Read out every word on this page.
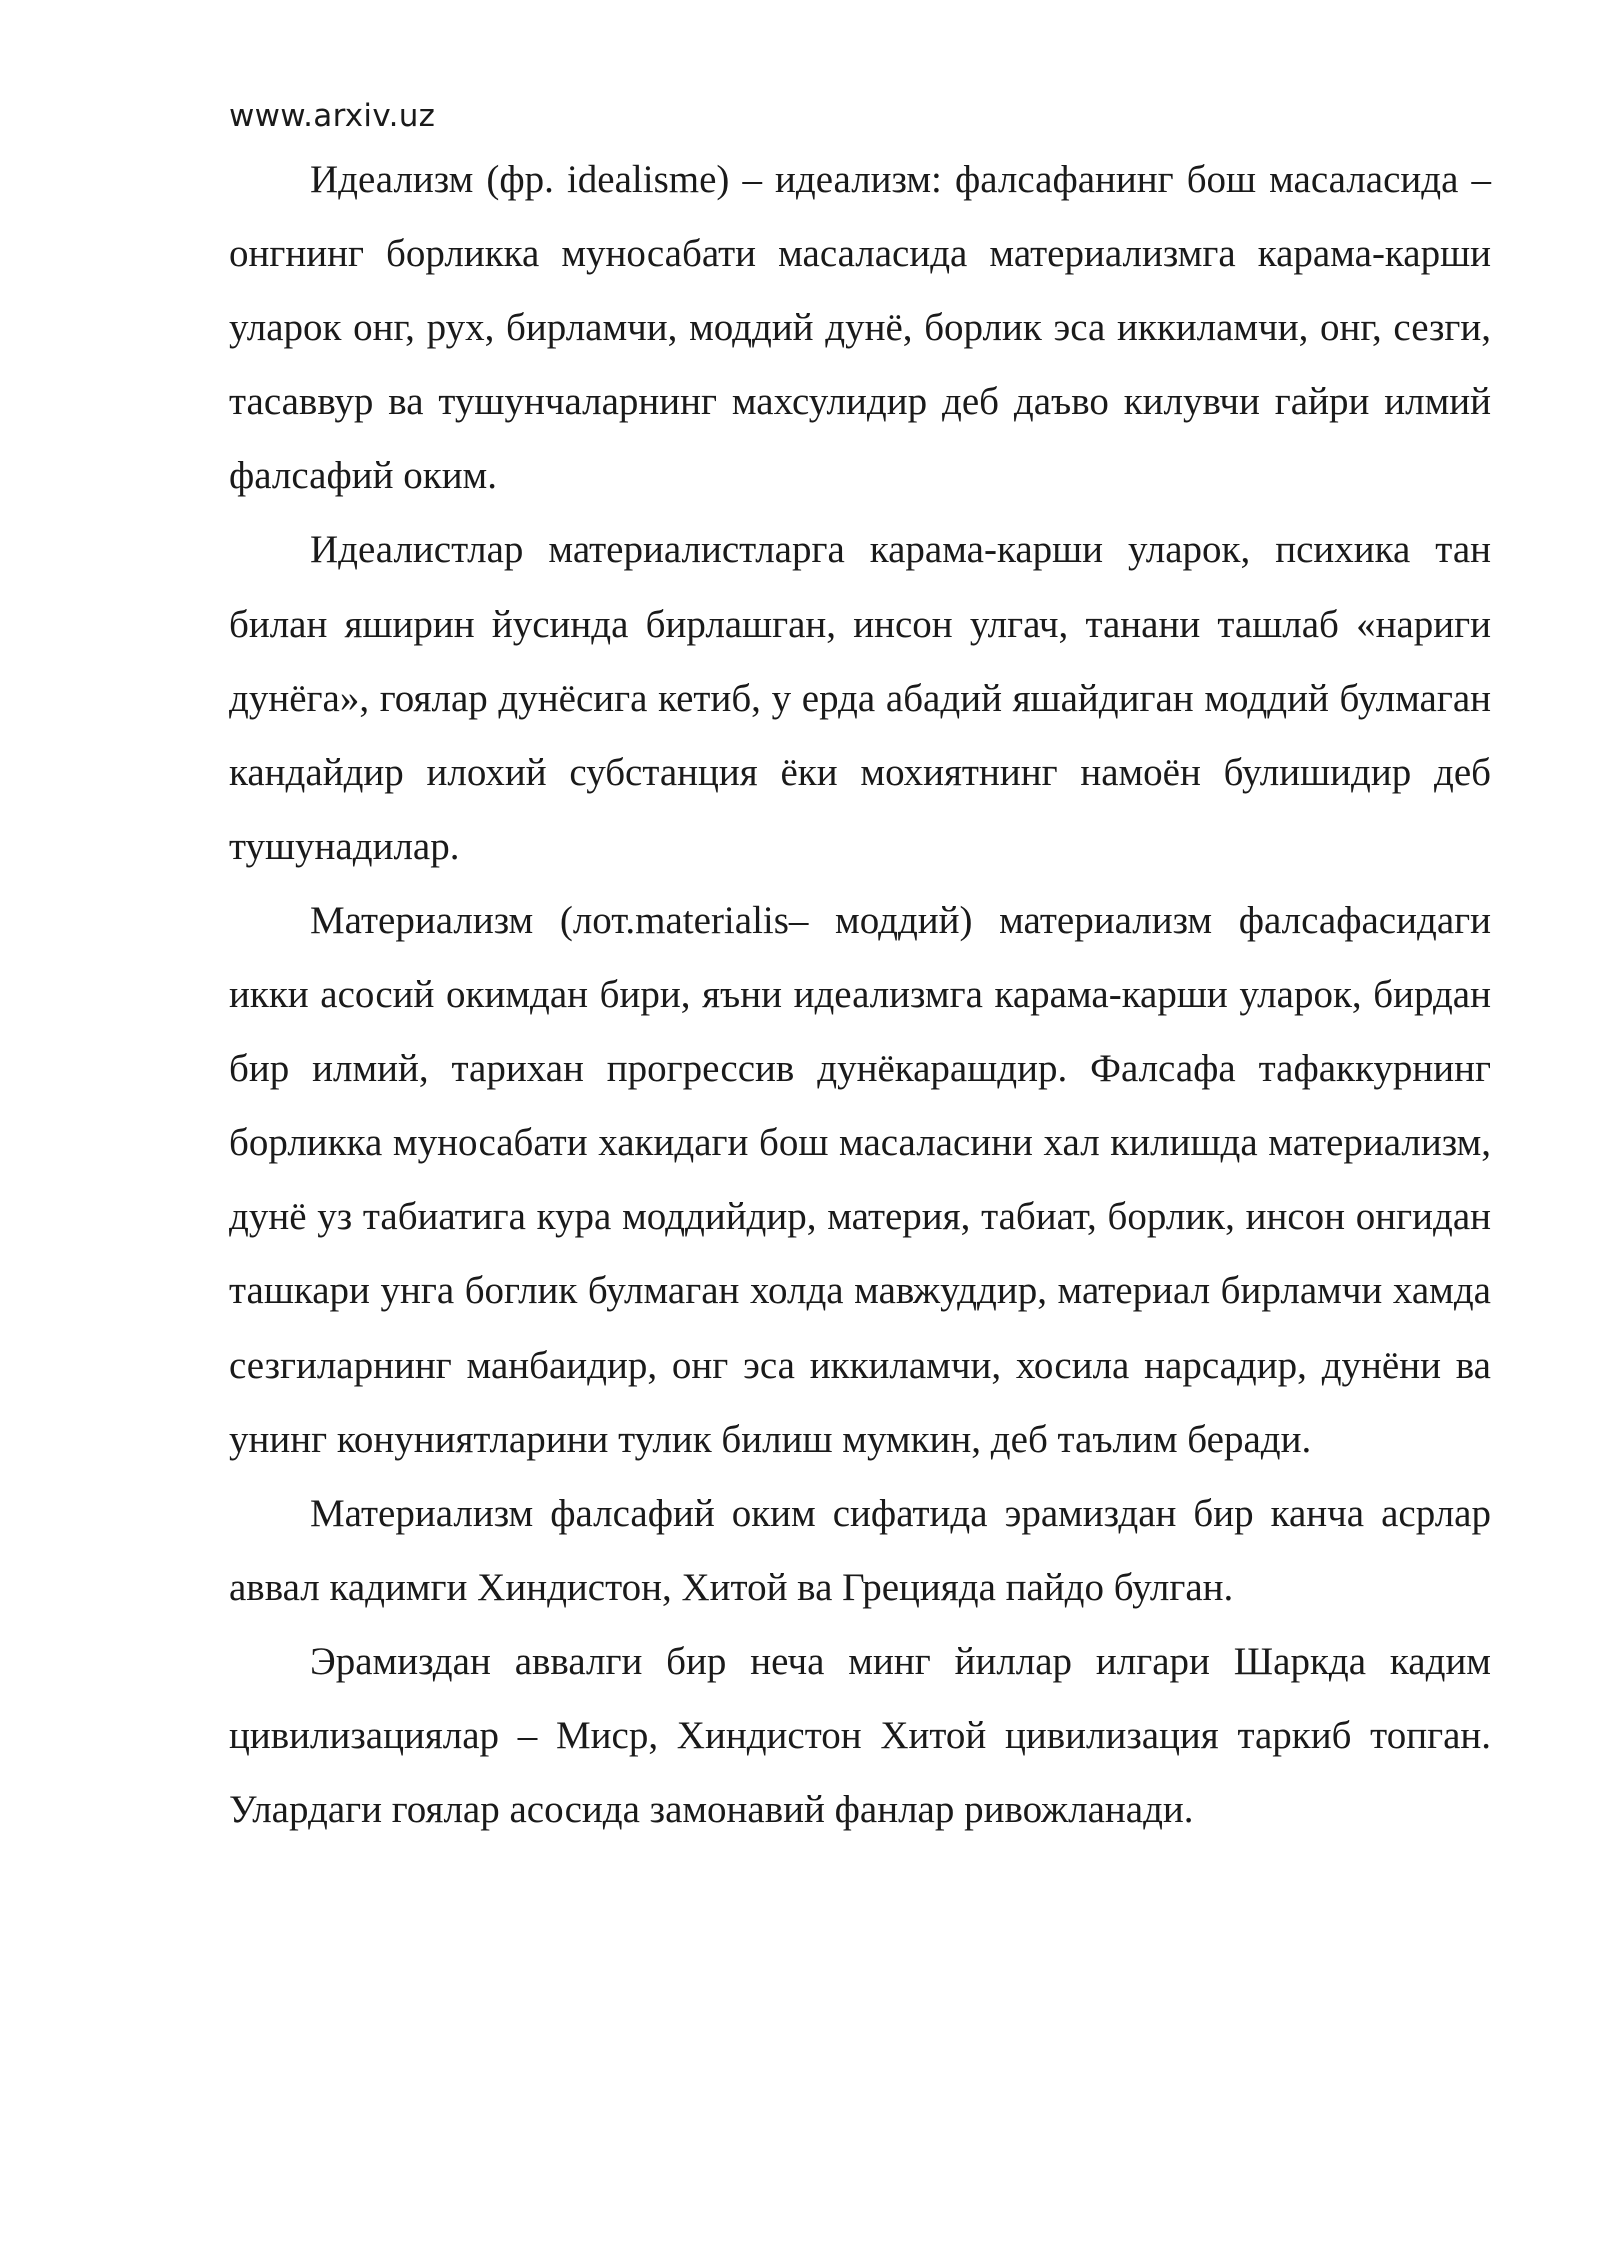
www.arxiv.uz

Идеализм (фр. idealisme) – идеализм: фалсафанинг бош масаласида – онгнинг борликка муносабати масаласида материализмга карама-карши уларок онг, рух, бирламчи, моддий дунё, борлик эса иккиламчи, онг, сезги, тасаввур ва тушунчаларнинг махсулидир деб даъво килувчи гайри илмий фалсафий оким.

Идеалистлар материалистларга карама-карши уларок, психика тан билан яширин йусинда бирлашган, инсон улгач, танани ташлаб «нариги дунёга», гоялар дунёсига кетиб, у ерда абадий яшайдиган моддий булмаган кандайдир илохий субстанция ёки мохиятнинг намоён булишидир деб тушунадилар.

Материализм (лот.materialis– моддий) материализм фалсафасидаги икки асосий окимдан бири, яъни идеализмга карама-карши уларок, бирдан бир илмий, тарихан прогрессив дунёкарашдир. Фалсафа тафаккурнинг борликка муносабати хакидаги бош масаласини хал килишда материализм, дунё уз табиатига кура моддийдир, материя, табиат, борлик, инсон онгидан ташкари унга боглик булмаган холда мавжуддир, материал бирламчи хамда сезгиларнинг манбаидир, онг эса иккиламчи, хосила нарсадир, дунёни ва унинг конуниятларини тулик билиш мумкин, деб таълим беради.

Материализм фалсафий оким сифатида эрамиздан бир канча асрлар аввал кадимги Хиндистон, Хитой ва Грецияда пайдо булган.

Эрамиздан аввалги бир неча минг йиллар илгари Шаркда кадим цивилизациялар – Миср, Хиндистон Хитой цивилизация таркиб топган. Улардаги гоялар асосида замонавий фанлар ривожланади.
